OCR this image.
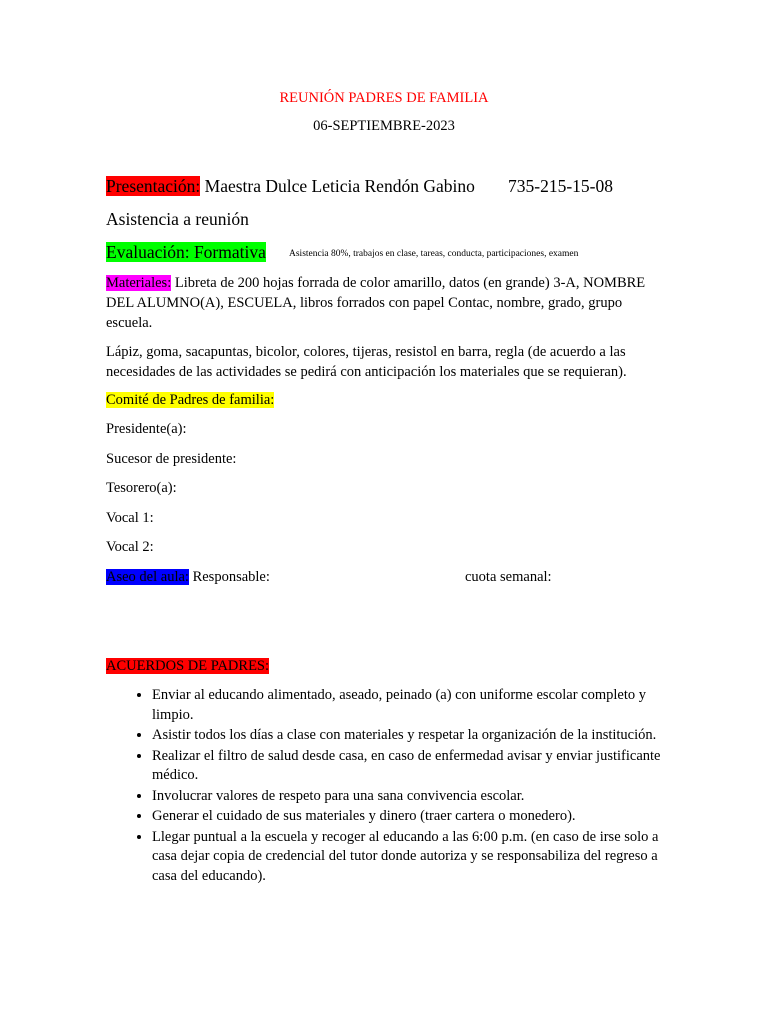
REUNIÓN PADRES DE FAMILIA
06-SEPTIEMBRE-2023
Presentación: Maestra Dulce Leticia Rendón Gabino 735-215-15-08
Asistencia a reunión
Evaluación: Formativa Asistencia 80%, trabajos en clase, tareas, conducta, participaciones, examen
Materiales: Libreta de 200 hojas forrada de color amarillo, datos (en grande) 3-A, NOMBRE DEL ALUMNO(A), ESCUELA, libros forrados con papel Contac, nombre, grado, grupo escuela.
Lápiz, goma, sacapuntas, bicolor, colores, tijeras, resistol en barra, regla (de acuerdo a las necesidades de las actividades se pedirá con anticipación los materiales que se requieran).
Comité de Padres de familia:
Presidente(a):
Sucesor de presidente:
Tesorero(a):
Vocal 1:
Vocal 2:
Aseo del aula: Responsable:	cuota semanal:
ACUERDOS DE PADRES:
• Enviar al educando alimentado, aseado, peinado (a) con uniforme escolar completo y limpio.
• Asistir todos los días a clase con materiales y respetar la organización de la institución.
• Realizar el filtro de salud desde casa, en caso de enfermedad avisar y enviar justificante médico.
• Involucrar valores de respeto para una sana convivencia escolar.
• Generar el cuidado de sus materiales y dinero (traer cartera o monedero).
• Llegar puntual a la escuela y recoger al educando a las 6:00 p.m. (en caso de irse solo a casa dejar copia de credencial del tutor donde autoriza y se responsabiliza del regreso a casa del educando).
